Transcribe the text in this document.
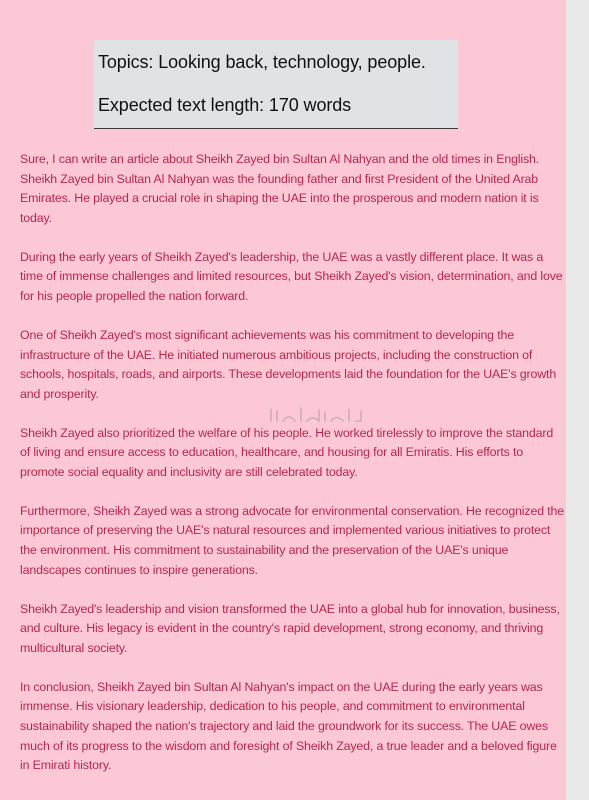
Topics: Looking back, technology, people.
Expected text length: 170 words

Sure, I can write an article about Sheikh Zayed bin Sultan Al Nahyan and the old times in English. Sheikh Zayed bin Sultan Al Nahyan was the founding father and first President of the United Arab Emirates. He played a crucial role in shaping the UAE into the prosperous and modern nation it is today.

During the early years of Sheikh Zayed's leadership, the UAE was a vastly different place. It was a time of immense challenges and limited resources, but Sheikh Zayed's vision, determination, and love for his people propelled the nation forward.

One of Sheikh Zayed's most significant achievements was his commitment to developing the infrastructure of the UAE. He initiated numerous ambitious projects, including the construction of schools, hospitals, roads, and airports. These developments laid the foundation for the UAE's growth and prosperity.

Sheikh Zayed also prioritized the welfare of his people. He worked tirelessly to improve the standard of living and ensure access to education, healthcare, and housing for all Emiratis. His efforts to promote social equality and inclusivity are still celebrated today.

Furthermore, Sheikh Zayed was a strong advocate for environmental conservation. He recognized the importance of preserving the UAE's natural resources and implemented various initiatives to protect the environment. His commitment to sustainability and the preservation of the UAE's unique landscapes continues to inspire generations.

Sheikh Zayed's leadership and vision transformed the UAE into a global hub for innovation, business, and culture. His legacy is evident in the country's rapid development, strong economy, and thriving multicultural society.

In conclusion, Sheikh Zayed bin Sultan Al Nahyan's impact on the UAE during the early years was immense. His visionary leadership, dedication to his people, and commitment to environmental sustainability shaped the nation's trajectory and laid the groundwork for its success. The UAE owes much of its progress to the wisdom and foresight of Sheikh Zayed, a true leader and a beloved figure in Emirati history.
